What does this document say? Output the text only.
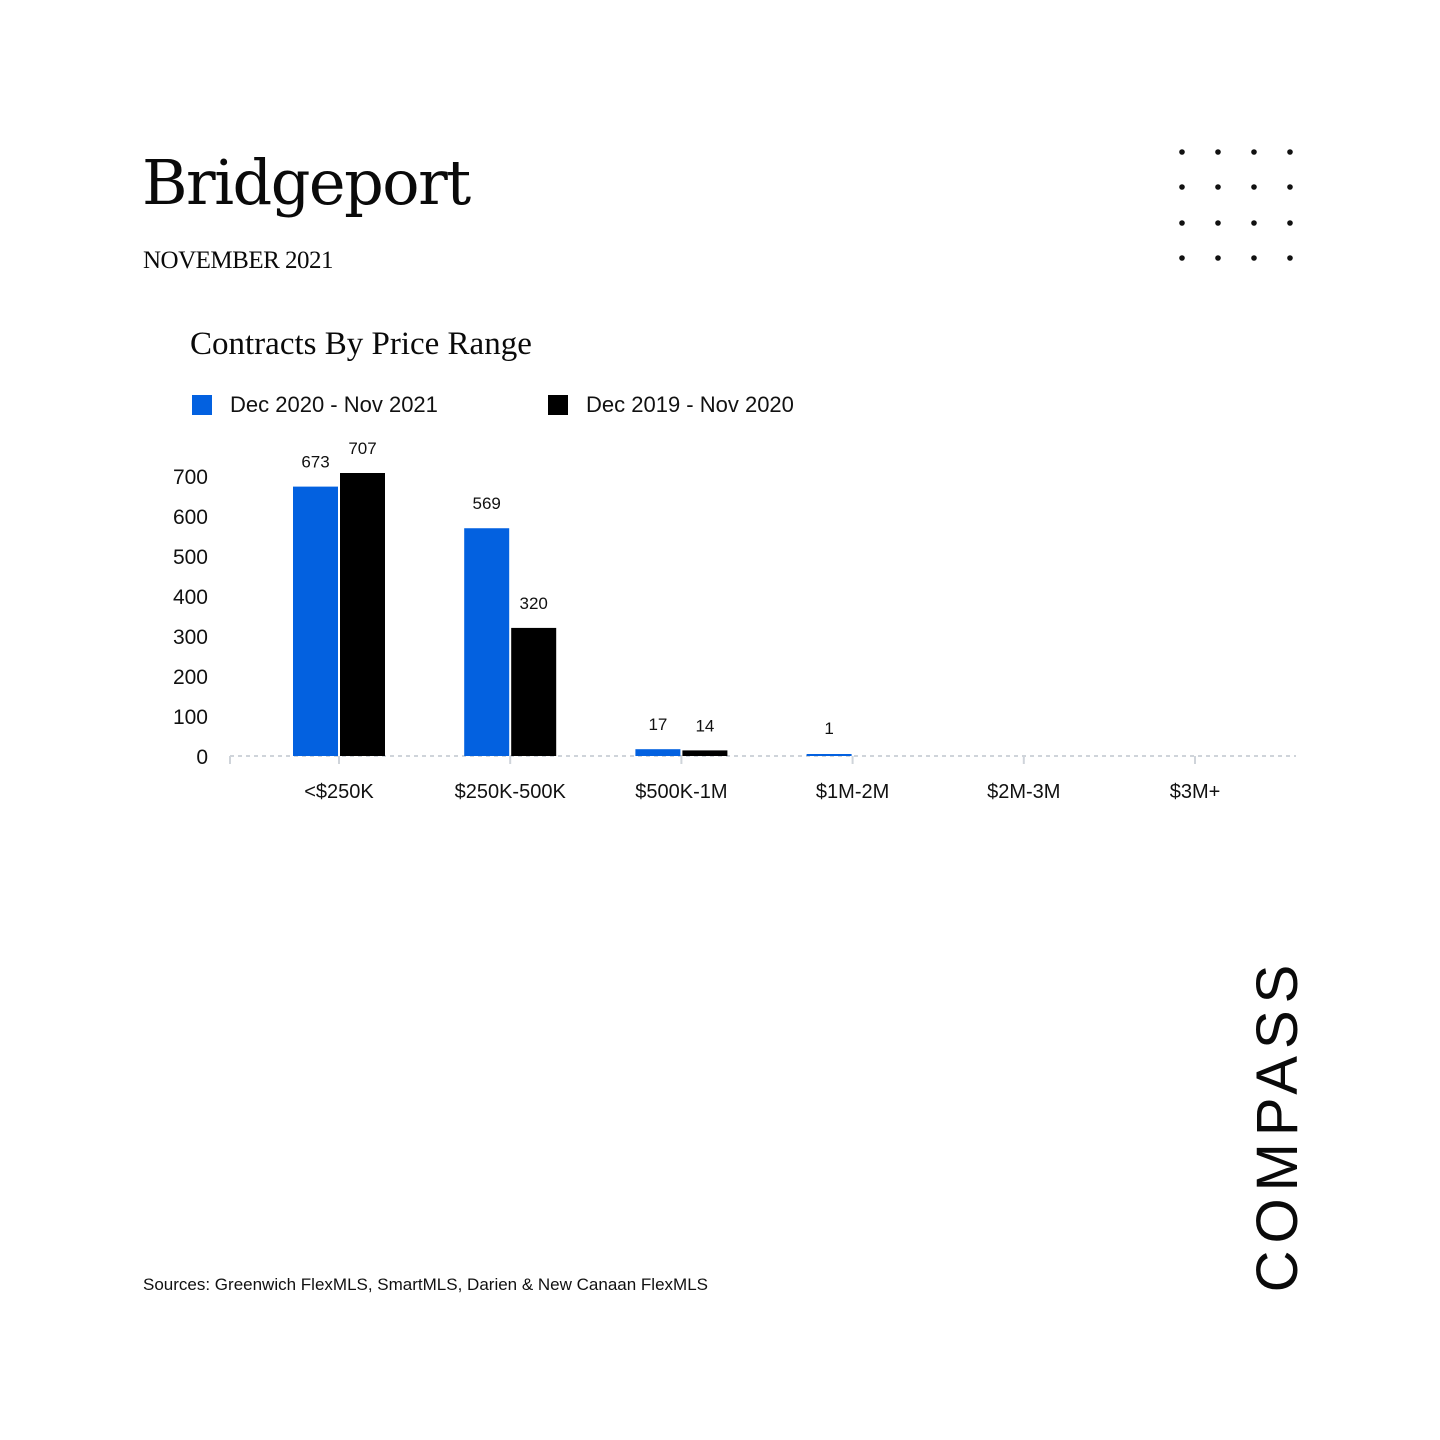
Bridgeport
NOVEMBER 2021
Contracts By Price Range
Dec 2020 - Nov 2021	Dec 2019 - Nov 2020
0
100
200
300
400
500
600
700
<$250K
673
707
$250K-500K
569
320
$500K-1M
17 14
$1M-2M
1
$2M-3M	$3M+
Sources: Greenwich FlexMLS, SmartMLS, Darien & New Canaan FlexMLS	COMPASS
